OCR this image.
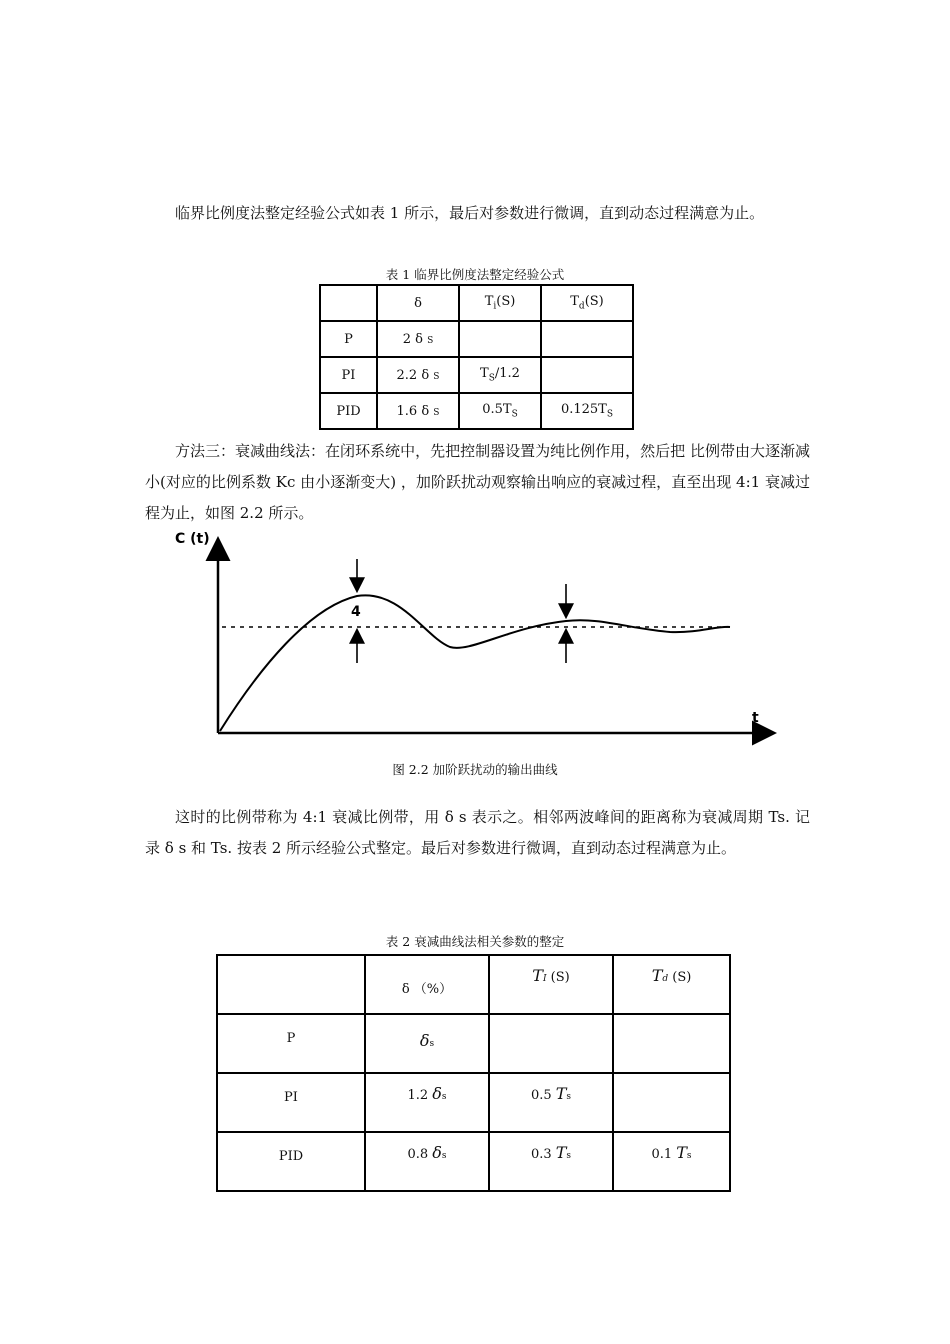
临界比例度法整定经验公式如表 1 所示，最后对参数进行微调，直到动态过程满意为止。

表 1 临界比例度法整定经验公式

	δ	$T_i(S)$	$T_d(S)$
P	2 δ S		
PI	2.2 δ S	$T_S/1.2$	
PID	1.6 δ S	$0.5T_S$	$0.125T_S$

方法三：衰减曲线法：在闭环系统中，先把控制器设置为纯比例作用，然后把 比例带由大逐渐减小(对应的比例系数 Kc 由小逐渐变大) ，加阶跃扰动观察输出响应的衰减过程，直至出现 4:1 衰减过程为止，如图 2.2 所示。

C (t)
t
4

图 2.2 加阶跃扰动的输出曲线

这时的比例带称为 4:1 衰减比例带，用 δ s 表示之。相邻两波峰间的距离称为衰减周期 Ts. 记录 δ s 和 Ts. 按表 2 所示经验公式整定。最后对参数进行微调，直到动态过程满意为止。

表 2 衰减曲线法相关参数的整定

	δ （%）	TI (S)	Td (S)
P	δs		
PI	1.2 δs	0.5 Ts	
PID	0.8 δs	0.3 Ts	0.1 Ts
